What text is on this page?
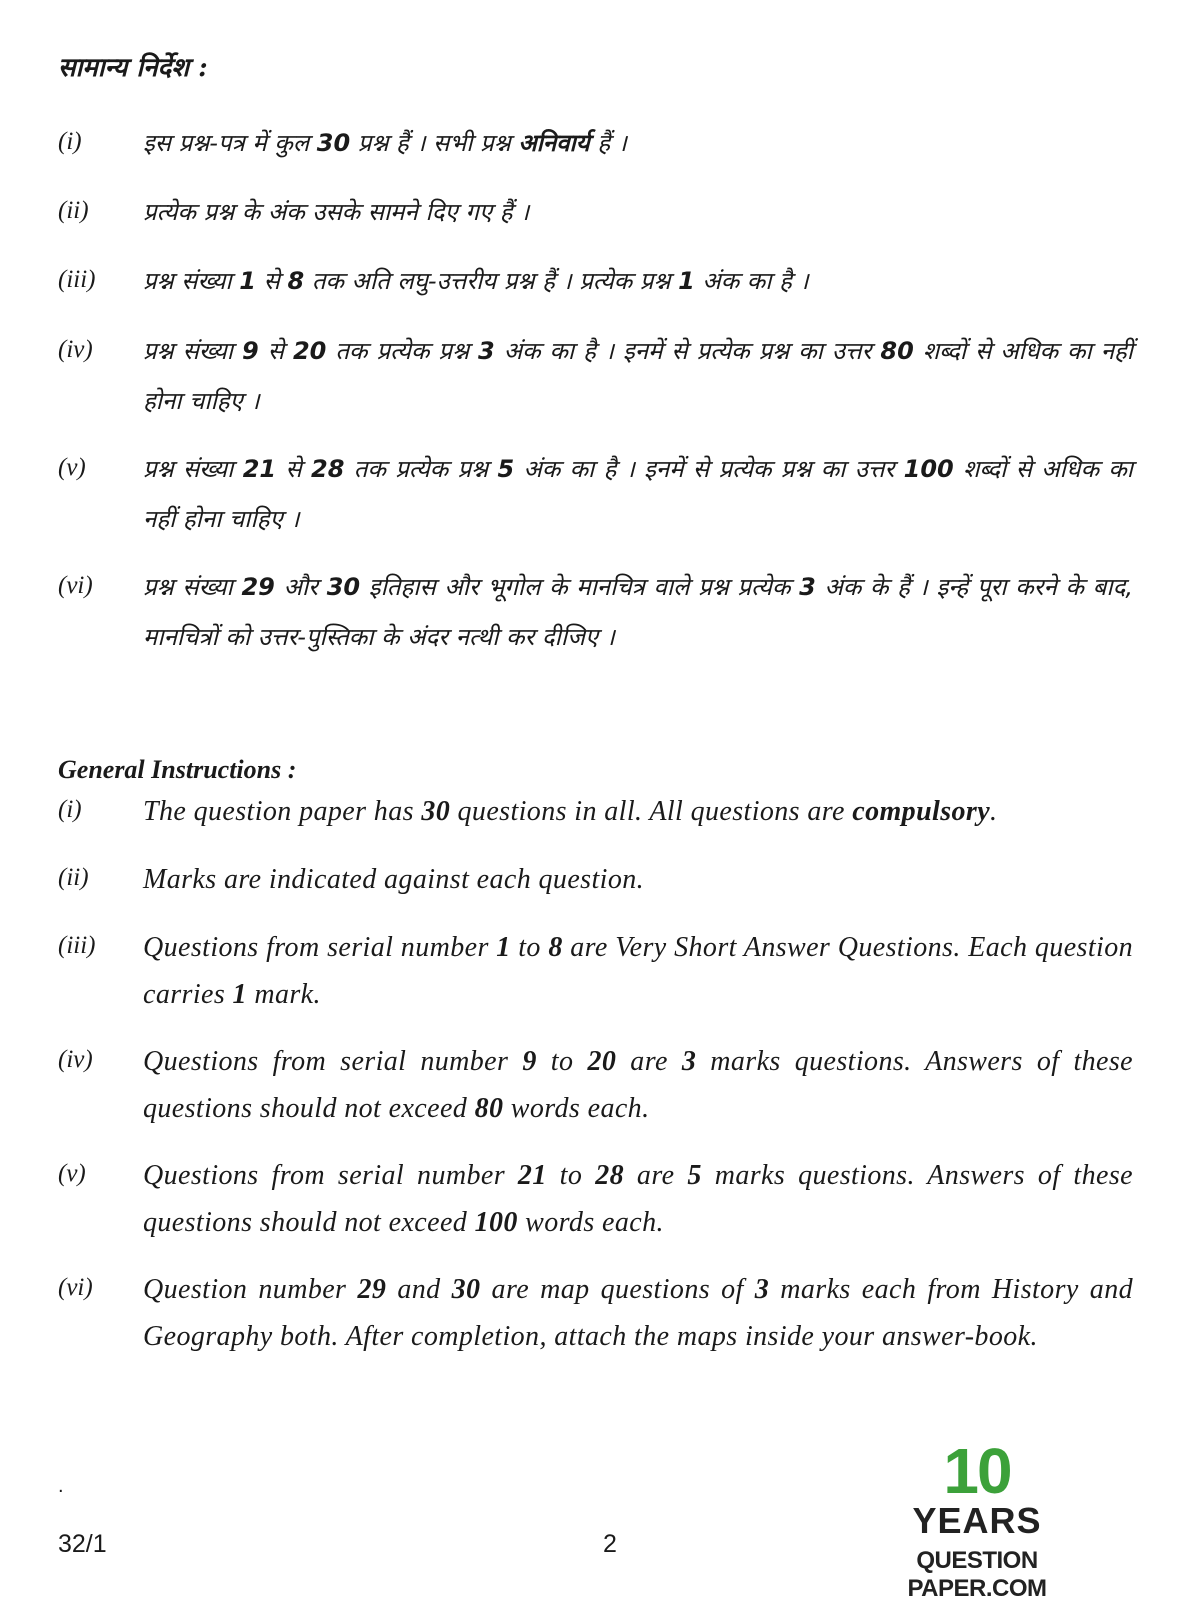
सामान्य निर्देश :
(i)	इस प्रश्न-पत्र में कुल 30 प्रश्न हैं । सभी प्रश्न अनिवार्य हैं ।
(ii) प्रत्येक प्रश्न के अंक उसके सामने दिए गए हैं ।
(iii) प्रश्न संख्या 1 से 8 तक अति लघु-उत्तरीय प्रश्न हैं । प्रत्येक प्रश्न 1 अंक का है ।
(iv) प्रश्न संख्या 9 से 20 तक प्रत्येक प्रश्न 3 अंक का है । इनमें से प्रत्येक प्रश्न का उत्तर 80 शब्दों से अधिक का नहीं होना चाहिए ।
(v) प्रश्न संख्या 21 से 28 तक प्रत्येक प्रश्न 5 अंक का है । इनमें से प्रत्येक प्रश्न का उत्तर 100 शब्दों से अधिक का नहीं होना चाहिए ।
(vi) प्रश्न संख्या 29 और 30 इतिहास और भूगोल के मानचित्र वाले प्रश्न प्रत्येक 3 अंक के हैं । इन्हें पूरा करने के बाद, मानचित्रों को उत्तर-पुस्तिका के अंदर नत्थी कर दीजिए ।
General Instructions :
(i) The question paper has 30 questions in all. All questions are compulsory.
(ii) Marks are indicated against each question.
(iii) Questions from serial number 1 to 8 are Very Short Answer Questions. Each question carries 1 mark.
(iv) Questions from serial number 9 to 20 are 3 marks questions. Answers of these questions should not exceed 80 words each.
(v) Questions from serial number 21 to 28 are 5 marks questions. Answers of these questions should not exceed 100 words each.
(vi) Question number 29 and 30 are map questions of 3 marks each from History and Geography both. After completion, attach the maps inside your answer-book.
.
32/1	2
10
YEARS
QUESTION PAPER.COM
